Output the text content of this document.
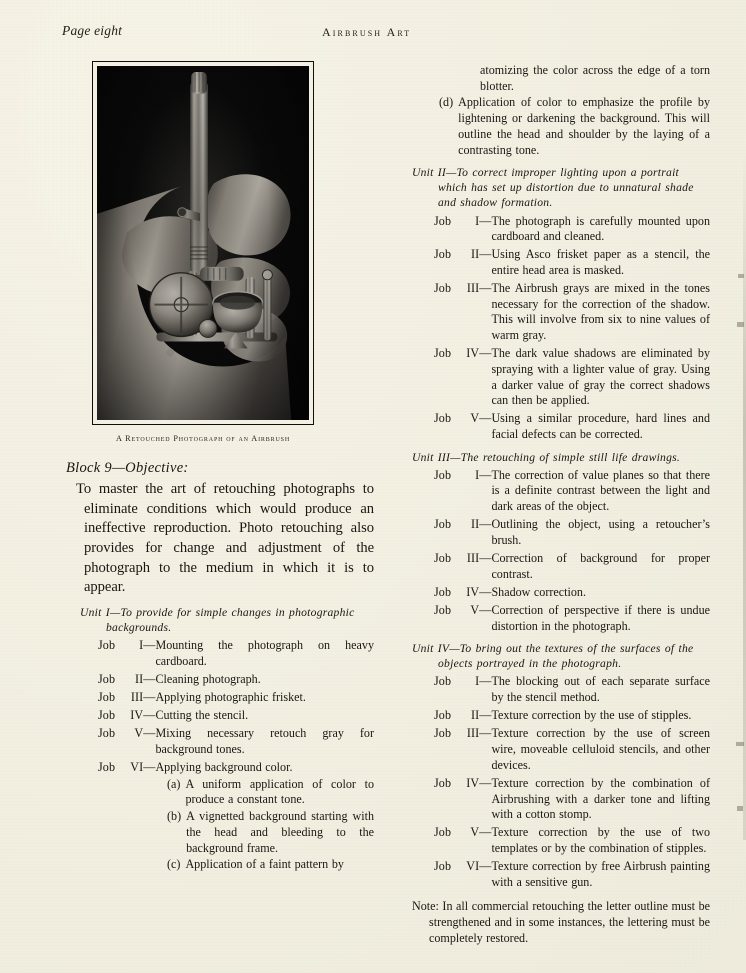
Page eight	Airbrush Art
A Retouched Photograph of an Airbrush
Block 9—Objective:

To master the art of retouching photographs to eliminate conditions which would produce an ineffective reproduction. Photo retouching also provides for change and adjustment of the photograph to the medium in which it is to appear.

Unit I—To provide for simple changes in photographic backgrounds.
Job I— Mounting the photograph on heavy cardboard.
Job II— Cleaning photograph.
Job III— Applying photographic frisket.
Job IV— Cutting the stencil.
Job V— Mixing necessary retouch gray for background tones.
Job VI— Applying background color.
(a) A uniform application of color to produce a constant tone.
(b) A vignetted background starting with the head and bleeding to the background frame.
(c) Application of a faint pattern by
atomizing the color across the edge of a torn blotter.
(d) Application of color to emphasize the profile by lightening or darkening the background. This will outline the head and shoulder by the laying of a contrasting tone.
Unit II—To correct improper lighting upon a portrait which has set up distortion due to unnatural shade and shadow formation.
Job I— The photograph is carefully mounted upon cardboard and cleaned.
Job II— Using Asco frisket paper as a stencil, the entire head area is masked.
Job III— The Airbrush grays are mixed in the tones necessary for the correction of the shadow. This will involve from six to nine values of warm gray.
Job IV— The dark value shadows are eliminated by spraying with a lighter value of gray. Using a darker value of gray the correct shadows can then be applied.
Job V— Using a similar procedure, hard lines and facial defects can be corrected.
Unit III—The retouching of simple still life drawings.
Job I— The correction of value planes so that there is a definite contrast between the light and dark areas of the object.
Job II— Outlining the object, using a retoucher’s brush.
Job III— Correction of background for proper contrast.
Job IV— Shadow correction.
Job V— Correction of perspective if there is undue distortion in the photograph.
Unit IV—To bring out the textures of the surfaces of the objects portrayed in the photograph.
Job I— The blocking out of each separate surface by the stencil method.
Job II— Texture correction by the use of stipples.
Job III— Texture correction by the use of screen wire, moveable celluloid stencils, and other devices.
Job IV— Texture correction by the combination of Airbrushing with a darker tone and lifting with a cotton stomp.
Job V— Texture correction by the use of two templates or by the combination of stipples.
Job VI— Texture correction by free Airbrush painting with a sensitive gun.

Note: In all commercial retouching the letter outline must be strengthened and in some instances, the lettering must be completely restored.
